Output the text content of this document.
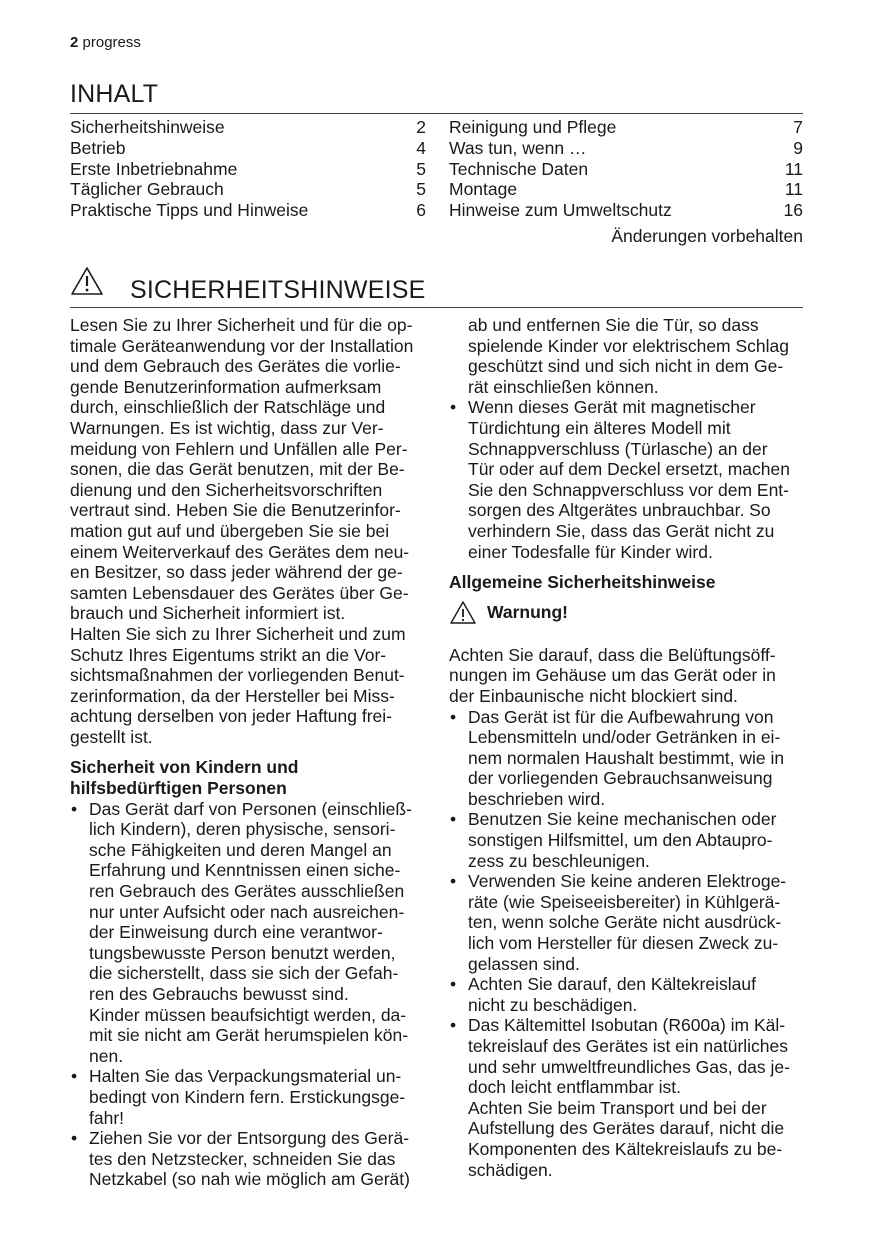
2 progress
INHALT
Sicherheitshinweise	2
Betrieb	4
Erste Inbetriebnahme	5
Täglicher Gebrauch	5
Praktische Tipps und Hinweise	6
Reinigung und Pflege	7
Was tun, wenn …	9
Technische Daten	11
Montage	11
Hinweise zum Umweltschutz	16
Änderungen vorbehalten
SICHERHEITSHINWEISE

Lesen Sie zu Ihrer Sicherheit und für die op-
timale Geräteanwendung vor der Installation
und dem Gebrauch des Gerätes die vorlie-
gende Benutzerinformation aufmerksam
durch, einschließlich der Ratschläge und
Warnungen. Es ist wichtig, dass zur Ver-
meidung von Fehlern und Unfällen alle Per-
sonen, die das Gerät benutzen, mit der Be-
dienung und den Sicherheitsvorschriften
vertraut sind. Heben Sie die Benutzerinfor-
mation gut auf und übergeben Sie sie bei
einem Weiterverkauf des Gerätes dem neu-
en Besitzer, so dass jeder während der ge-
samten Lebensdauer des Gerätes über Ge-
brauch und Sicherheit informiert ist.
Halten Sie sich zu Ihrer Sicherheit und zum
Schutz Ihres Eigentums strikt an die Vor-
sichtsmaßnahmen der vorliegenden Benut-
zerinformation, da der Hersteller bei Miss-
achtung derselben von jeder Haftung frei-
gestellt ist.

Sicherheit von Kindern und
hilfsbedürftigen Personen

• Das Gerät darf von Personen (einschließ-
lich Kindern), deren physische, sensori-
sche Fähigkeiten und deren Mangel an
Erfahrung und Kenntnissen einen siche-
ren Gebrauch des Gerätes ausschließen
nur unter Aufsicht oder nach ausreichen-
der Einweisung durch eine verantwor-
tungsbewusste Person benutzt werden,
die sicherstellt, dass sie sich der Gefah-
ren des Gebrauchs bewusst sind.
Kinder müssen beaufsichtigt werden, da-
mit sie nicht am Gerät herumspielen kön-
nen.
• Halten Sie das Verpackungsmaterial un-
bedingt von Kindern fern. Erstickungsge-
fahr!
• Ziehen Sie vor der Entsorgung des Gerä-
tes den Netzstecker, schneiden Sie das
Netzkabel (so nah wie möglich am Gerät)

ab und entfernen Sie die Tür, so dass
spielende Kinder vor elektrischem Schlag
geschützt sind und sich nicht in dem Ge-
rät einschließen können.

• Wenn dieses Gerät mit magnetischer
Türdichtung ein älteres Modell mit
Schnappverschluss (Türlasche) an der
Tür oder auf dem Deckel ersetzt, machen
Sie den Schnappverschluss vor dem Ent-
sorgen des Altgerätes unbrauchbar. So
verhindern Sie, dass das Gerät nicht zu
einer Todesfalle für Kinder wird.

Allgemeine Sicherheitshinweise

Warnung!

Achten Sie darauf, dass die Belüftungsöff-
nungen im Gehäuse um das Gerät oder in
der Einbaunische nicht blockiert sind.

• Das Gerät ist für die Aufbewahrung von
Lebensmitteln und/oder Getränken in ei-
nem normalen Haushalt bestimmt, wie in
der vorliegenden Gebrauchsanweisung
beschrieben wird.
• Benutzen Sie keine mechanischen oder
sonstigen Hilfsmittel, um den Abtaupro-
zess zu beschleunigen.
• Verwenden Sie keine anderen Elektroge-
räte (wie Speiseeisbereiter) in Kühlgerä-
ten, wenn solche Geräte nicht ausdrück-
lich vom Hersteller für diesen Zweck zu-
gelassen sind.
• Achten Sie darauf, den Kältekreislauf
nicht zu beschädigen.
• Das Kältemittel Isobutan (R600a) im Käl-
tekreislauf des Gerätes ist ein natürliches
und sehr umweltfreundliches Gas, das je-
doch leicht entflammbar ist.
Achten Sie beim Transport und bei der
Aufstellung des Gerätes darauf, nicht die
Komponenten des Kältekreislaufs zu be-
schädigen.
